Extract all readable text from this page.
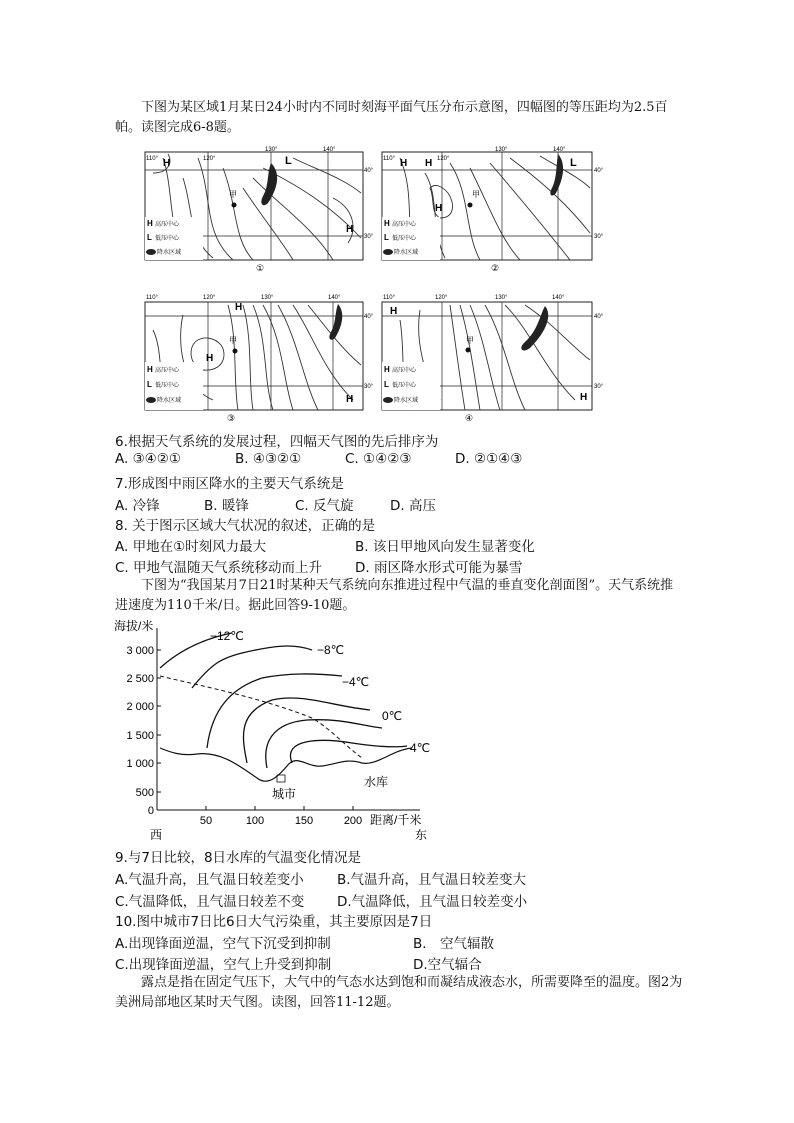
下图为某区域1月某日24小时内不同时刻海平面气压分布示意图，四幅图的等压距均为2.5百帕。读图完成6-8题。
110°	120°
130°	140°
40°
30°
H	L
H
甲
H 高压中心
L 低压中心
降水区域
①
110°	120°
130°	140°
40°
30°
H H
H
L
甲
H 高压中心
L 低压中心
降水区域
②
110°	120°	130°	140°
40°
30°
H
H
H
甲
H 高压中心
L 低压中心
降水区域
③
110°	120°	130°	140°
40°
30°
H
H
甲
H 高压中心
L 低压中心
降水区域
④
6.根据天气系统的发展过程，四幅天气图的先后排序为
A. ③④②①	B. ④③②①	C. ①④②③	D. ②①④③
7.形成图中雨区降水的主要天气系统是
A. 冷锋	B. 暖锋	C. 反气旋	D. 高压
8. 关于图示区域大气状况的叙述，正确的是
A. 甲地在①时刻风力最大	B. 该日甲地风向发生显著变化
C. 甲地气温随天气系统移动而上升 D. 雨区降水形式可能为暴雪
下图为“我国某月7日21时某种天气系统向东推进过程中气温的垂直变化剖面图”。天气系统推进速度为110千米/日。据此回答9-10题。
海拔/米
3 000
2 500
2 000
1 500
1 000
500
0
50	100	150	200 距离/千米
西	东
−12℃
−8℃
−4℃
0℃
4℃
城市
水库
9.与7日比较，8日水库的气温变化情况是
A.气温升高，且气温日较差变小 B.气温升高，且气温日较差变大
C.气温降低，且气温日较差不变 D.气温降低，且气温日较差变小
10.图中城市7日比6日大气污染重，其主要原因是7日
A.出现锋面逆温，空气下沉受到抑制	B.　空气辐散
C.出现锋面逆温，空气上升受到抑制	D.空气辐合
露点是指在固定气压下，大气中的气态水达到饱和而凝结成液态水，所需要降至的温度。图2为美洲局部地区某时天气图。读图，回答11-12题。
